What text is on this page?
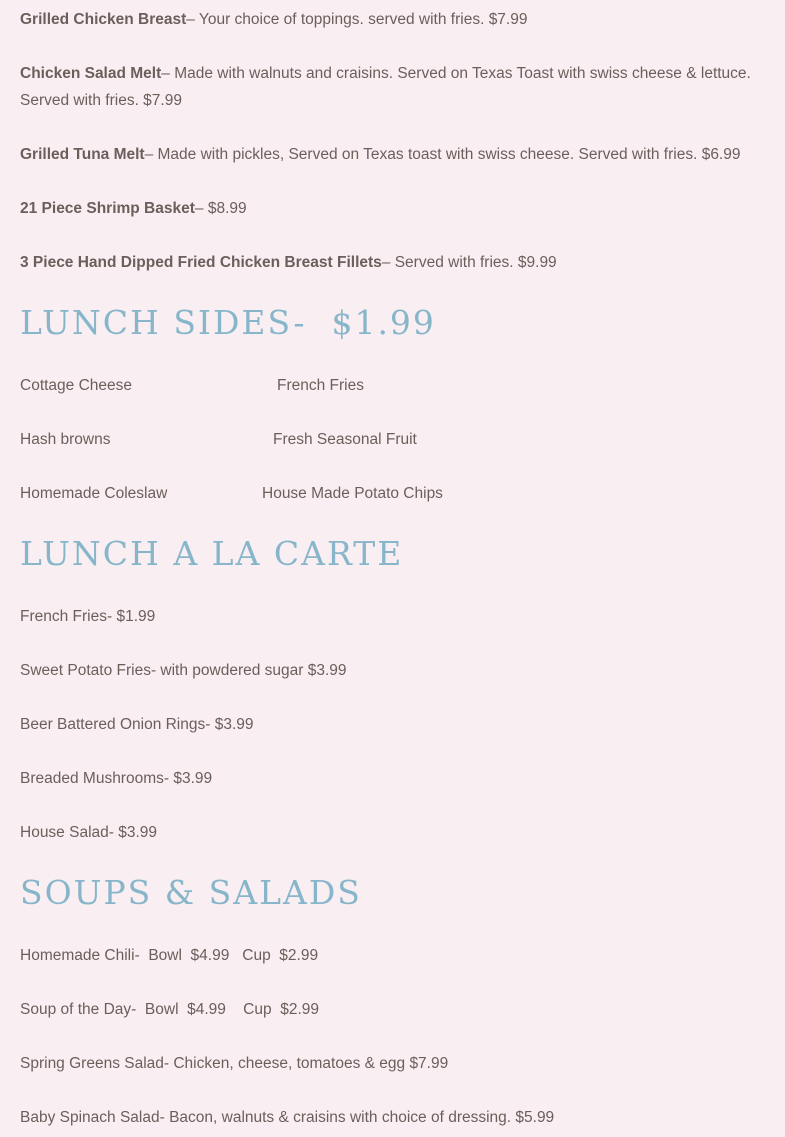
Grilled Chicken Breast– Your choice of toppings. served with fries. $7.99

Chicken Salad Melt– Made with walnuts and craisins. Served on Texas Toast with swiss cheese & lettuce. Served with fries. $7.99

Grilled Tuna Melt– Made with pickles, Served on Texas toast with swiss cheese. Served with fries. $6.99

21 Piece Shrimp Basket– $8.99

3 Piece Hand Dipped Fried Chicken Breast Fillets– Served with fries. $9.99

LUNCH SIDES-  $1.99
Cottage Cheese	French Fries
Hash browns	Fresh Seasonal Fruit
Homemade Coleslaw	House Made Potato Chips
LUNCH A LA CARTE

French Fries- $1.99

Sweet Potato Fries- with powdered sugar $3.99

Beer Battered Onion Rings- $3.99

Breaded Mushrooms- $3.99

House Salad- $3.99

SOUPS & SALADS

Homemade Chili-  Bowl  $4.99   Cup  $2.99

Soup of the Day-  Bowl  $4.99    Cup  $2.99

Spring Greens Salad- Chicken, cheese, tomatoes & egg $7.99

Baby Spinach Salad- Bacon, walnuts & craisins with choice of dressing. $5.99
